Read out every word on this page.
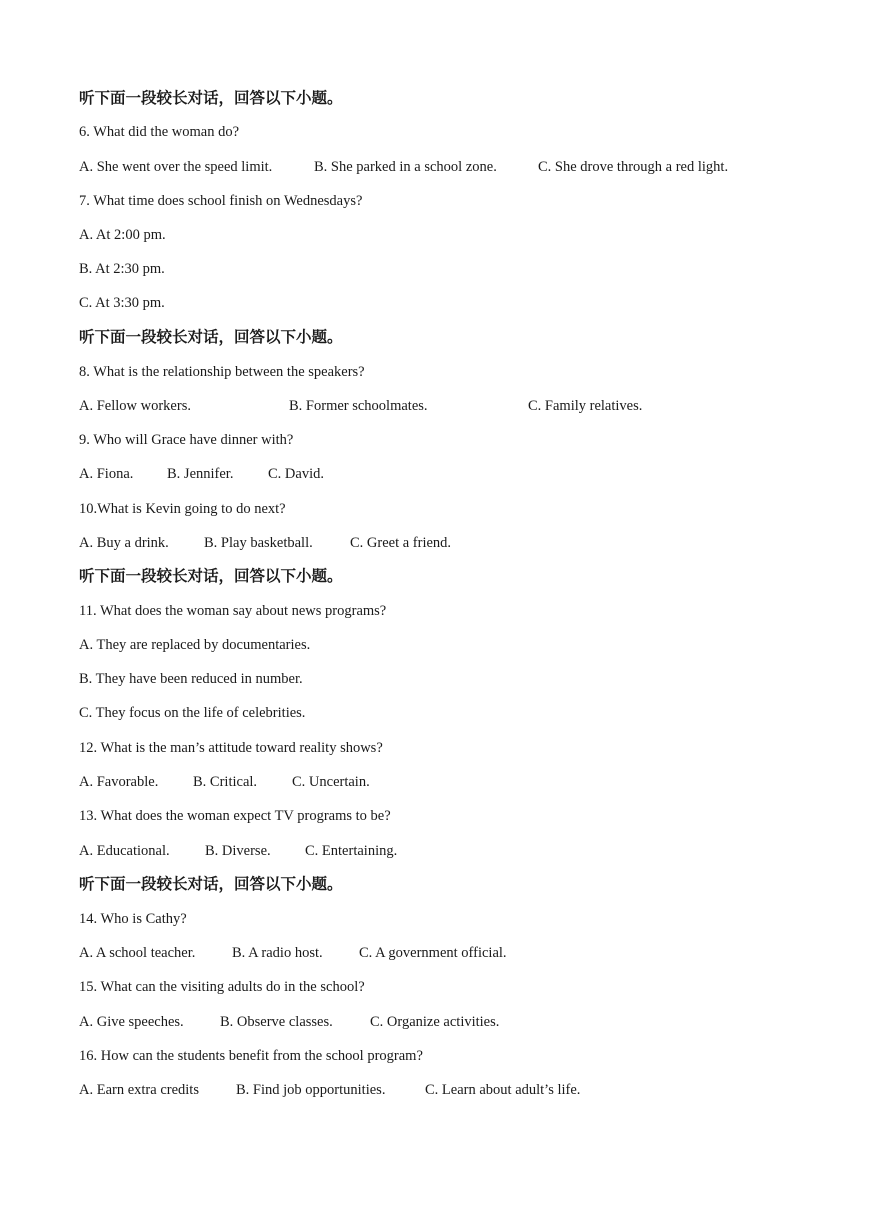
听下面一段较长对话，回答以下小题。
6. What did the woman do?
A. She went over the speed limit.	B. She parked in a school zone.	C. She drove through a red light.
7. What time does school finish on Wednesdays?
A. At 2:00 pm.
B. At 2:30 pm.
C. At 3:30 pm.
听下面一段较长对话，回答以下小题。
8. What is the relationship between the speakers?
A. Fellow workers.	B. Former schoolmates.	C. Family relatives.
9. Who will Grace have dinner with?
A. Fiona. B. Jennifer. C. David.
10.What is Kevin going to do next?
A. Buy a drink. B. Play basketball.	C. Greet a friend.
听下面一段较长对话，回答以下小题。
11. What does the woman say about news programs?
A. They are replaced by documentaries.
B. They have been reduced in number.
C. They focus on the life of celebrities.
12. What is the man’s attitude toward reality shows?
A. Favorable. B. Critical. C. Uncertain.
13. What does the woman expect TV programs to be?
A. Educational. B. Diverse. C. Entertaining.
听下面一段较长对话，回答以下小题。
14. Who is Cathy?
A. A school teacher.	B. A radio host.	C. A government official.
15. What can the visiting adults do in the school?
A. Give speeches.	B. Observe classes.	C. Organize activities.
16. How can the students benefit from the school program?
A. Earn extra credits	B. Find job opportunities.	C. Learn about adult’s life.
